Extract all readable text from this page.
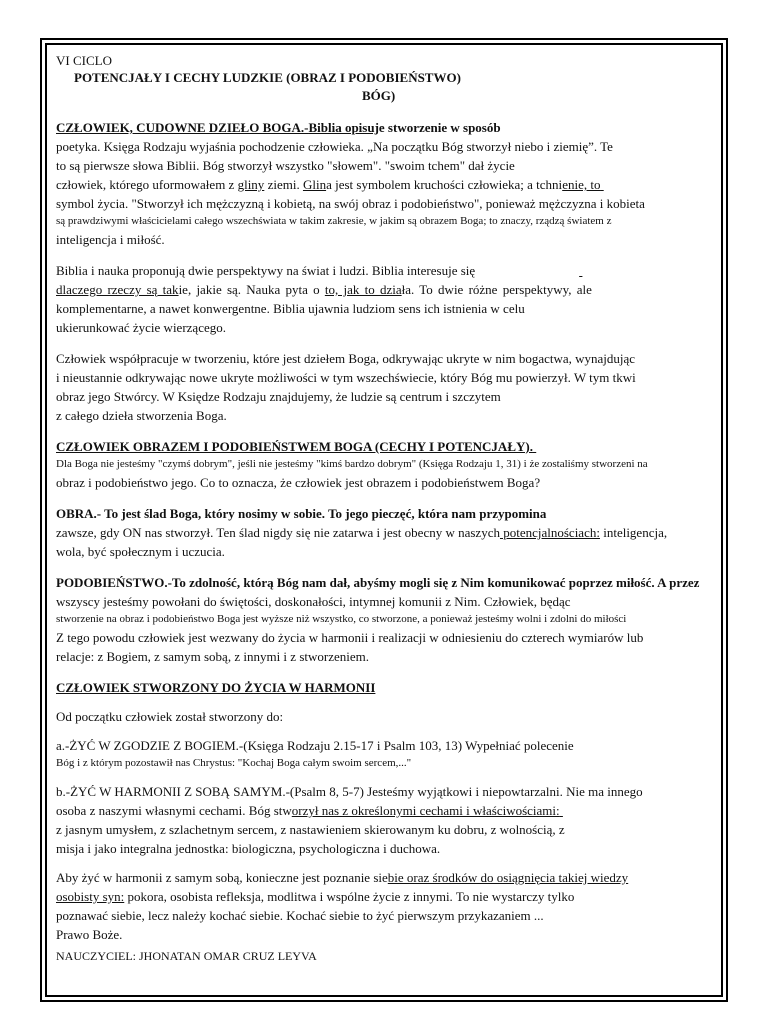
VI CICLO
POTENCJAŁY I CECHY LUDZKIE (OBRAZ I PODOBIEŃSTWO)
BÓG)
CZŁOWIEK, CUDOWNE DZIEŁO BOGA.-Biblia opisuje stworzenie w sposób
poetyka. Księga Rodzaju wyjaśnia pochodzenie człowieka. „Na początku Bóg stworzył niebo i ziemię”. Te
to są pierwsze słowa Biblii. Bóg stworzył wszystko "słowem". "swoim tchem" dał życie
człowiek, którego uformowałem z gliny ziemi. Glina jest symbolem kruchości człowieka; a tchnienie, to
symbol życia. "Stworzył ich mężczyzną i kobietą, na swój obraz i podobieństwo", ponieważ mężczyzna i kobieta
są prawdziwymi właścicielami całego wszechświata w takim zakresie, w jakim są obrazem Boga; to znaczy, rządzą światem z
inteligencja i miłość.
Biblia i nauka proponują dwie perspektywy na świat i ludzi. Biblia interesuje się
dlaczego rzeczy są takie, jakie są. Nauka pyta o to, jak to działa. To dwie różne perspektywy, ale
komplementarne, a nawet konwergentne. Biblia ujawnia ludziom sens ich istnienia w celu
ukierunkować życie wierzącego.
Człowiek współpracuje w tworzeniu, które jest dziełem Boga, odkrywając ukryte w nim bogactwa, wynajdując
i nieustannie odkrywając nowe ukryte możliwości w tym wszechświecie, który Bóg mu powierzył. W tym tkwi
obraz jego Stwórcy. W Księdze Rodzaju znajdujemy, że ludzie są centrum i szczytem
z całego dzieła stworzenia Boga.
CZŁOWIEK OBRAZEM I PODOBIEŃSTWEM BOGA (CECHY I POTENCJAŁY).
Dla Boga nie jesteśmy "czymś dobrym", jeśli nie jesteśmy "kimś bardzo dobrym" (Księga Rodzaju 1, 31) i że zostaliśmy stworzeni na
obraz i podobieństwo jego. Co to oznacza, że człowiek jest obrazem i podobieństwem Boga?
OBRA.- To jest ślad Boga, który nosimy w sobie. To jego pieczęć, która nam przypomina
zawsze, gdy ON nas stworzył. Ten ślad nigdy się nie zatarwa i jest obecny w naszych potencjalnościach: inteligencja,
wola, być społecznym i uczucia.
PODOBIEŃSTWO.-To zdolność, którą Bóg nam dał, abyśmy mogli się z Nim komunikować poprzez miłość. A przez
wszyscy jesteśmy powołani do świętości, doskonałości, intymnej komunii z Nim. Człowiek, będąc
stworzenie na obraz i podobieństwo Boga jest wyższe niż wszystko, co stworzone, a ponieważ jesteśmy wolni i zdolni do miłości
Z tego powodu człowiek jest wezwany do życia w harmonii i realizacji w odniesieniu do czterech wymiarów lub
relacje: z Bogiem, z samym sobą, z innymi i z stworzeniem.
CZŁOWIEK STWORZONY DO ŻYCIA W HARMONII
Od początku człowiek został stworzony do:
a.-ŻYĆ W ZGODZIE Z BOGIEM.-(Księga Rodzaju 2.15-17 i Psalm 103, 13) Wypełniać polecenie
Bóg i z którym pozostawił nas Chrystus: "Kochaj Boga całym swoim sercem,..."
b.-ŻYĆ W HARMONII Z SOBĄ SAMYM.-(Psalm 8, 5-7) Jesteśmy wyjątkowi i niepowtarzalni. Nie ma innego
osoba z naszymi własnymi cechami. Bóg stworzył nas z określonymi cechami i właściwościami:
z jasnym umysłem, z szlachetnym sercem, z nastawieniem skierowanym ku dobru, z wolnością, z
misja i jako integralna jednostka: biologiczna, psychologiczna i duchowa.
Aby żyć w harmonii z samym sobą, konieczne jest poznanie siebie oraz środków do osiągnięcia takiej wiedzy
osobisty syn: pokora, osobista refleksja, modlitwa i wspólne życie z innymi. To nie wystarczy tylko
poznawać siebie, lecz należy kochać siebie. Kochać siebie to żyć pierwszym przykazaniem ...
Prawo Boże.
NAUCZYCIEL: JHONATAN OMAR CRUZ LEYVA
